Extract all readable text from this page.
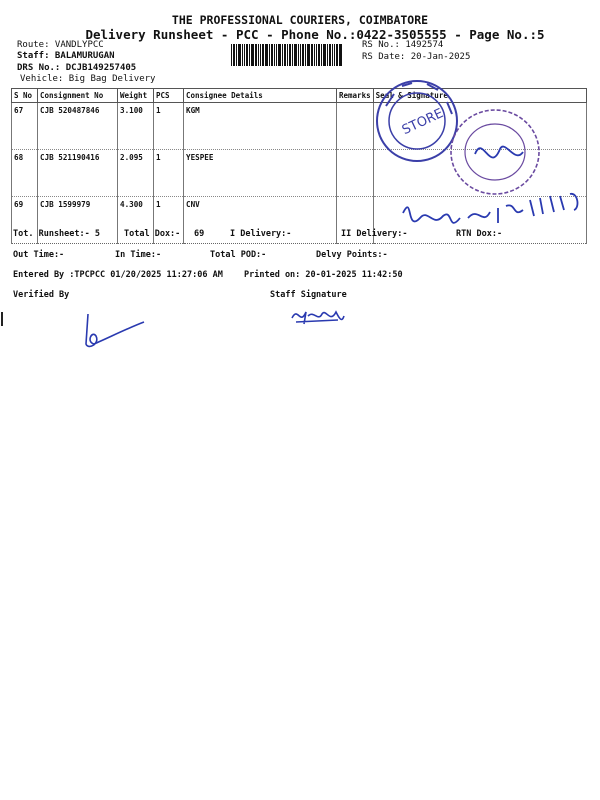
THE PROFESSIONAL COURIERS, COIMBATORE
Delivery Runsheet - PCC - Phone No.:0422-3505555 - Page No.:5
Route: VANDLYPCC
Staff: BALAMURUGAN
DRS No.: DCJB149257405
Vehicle: Big Bag Delivery
RS No.: 1492574
RS Date: 20-Jan-2025
S No	Consignment No	Weight	PCS	Consignee Details	Remarks	Seal & Signature
67	CJB 520487846	3.100	1	KGM		
68	CJB 521190416	2.095	1	YESPEE		
69	CJB 1599979	4.300	1	CNV		
STORE
Tot. Runsheet:- 5	Total Dox:- 69	I Delivery:-	II Delivery:-	RTN Dox:-
Out Time:-	In Time:-	Total POD:-	Delvy Points:-
Entered By :TPCPCC 01/20/2025 11:27:06 AM Printed on: 20-01-2025 11:42:50
Verified By	Staff Signature
